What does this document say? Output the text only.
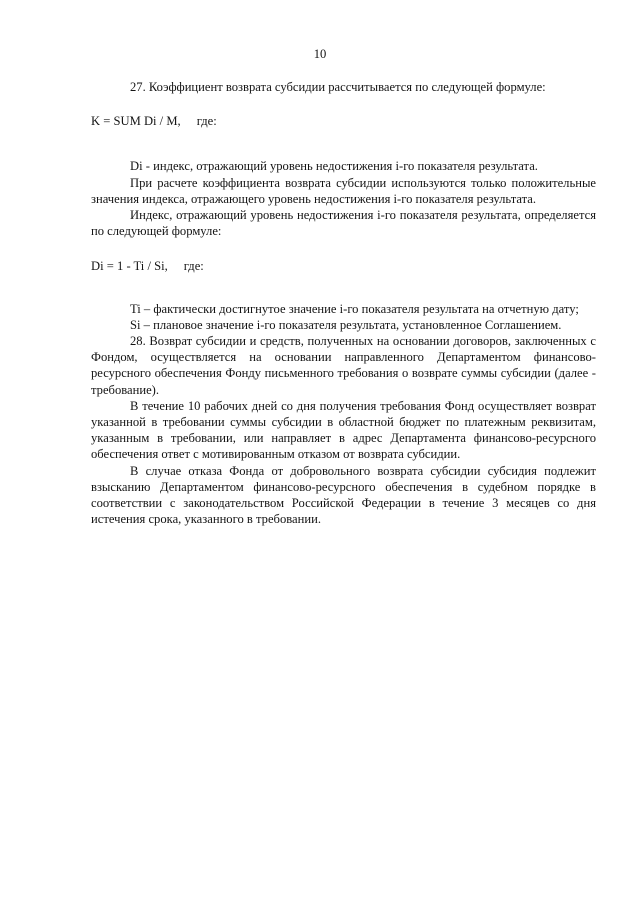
10

27. Коэффициент возврата субсидии рассчитывается по следующей формуле:

K = SUM Di / M, где:

Di - индекс, отражающий уровень недостижения i-го показателя результата.

При расчете коэффициента возврата субсидии используются только положительные значения индекса, отражающего уровень недостижения i-го показателя результата.

Индекс, отражающий уровень недостижения i-го показателя результата, определяется по следующей формуле:

Di = 1 - Ti / Si, где:

Ti – фактически достигнутое значение i-го показателя результата на отчетную дату;

Si – плановое значение i-го показателя результата, установленное Соглашением.

28. Возврат субсидии и средств, полученных на основании договоров, заключенных с Фондом, осуществляется на основании направленного Департаментом финансово-ресурсного обеспечения Фонду письменного требования о возврате суммы субсидии (далее - требование).

В течение 10 рабочих дней со дня получения требования Фонд осуществляет возврат указанной в требовании суммы субсидии в областной бюджет по платежным реквизитам, указанным в требовании, или направляет в адрес Департамента финансово-ресурсного обеспечения ответ с мотивированным отказом от возврата субсидии.

В случае отказа Фонда от добровольного возврата субсидии субсидия подлежит взысканию Департаментом финансово-ресурсного обеспечения в судебном порядке в соответствии с законодательством Российской Федерации в течение 3 месяцев со дня истечения срока, указанного в требовании.
